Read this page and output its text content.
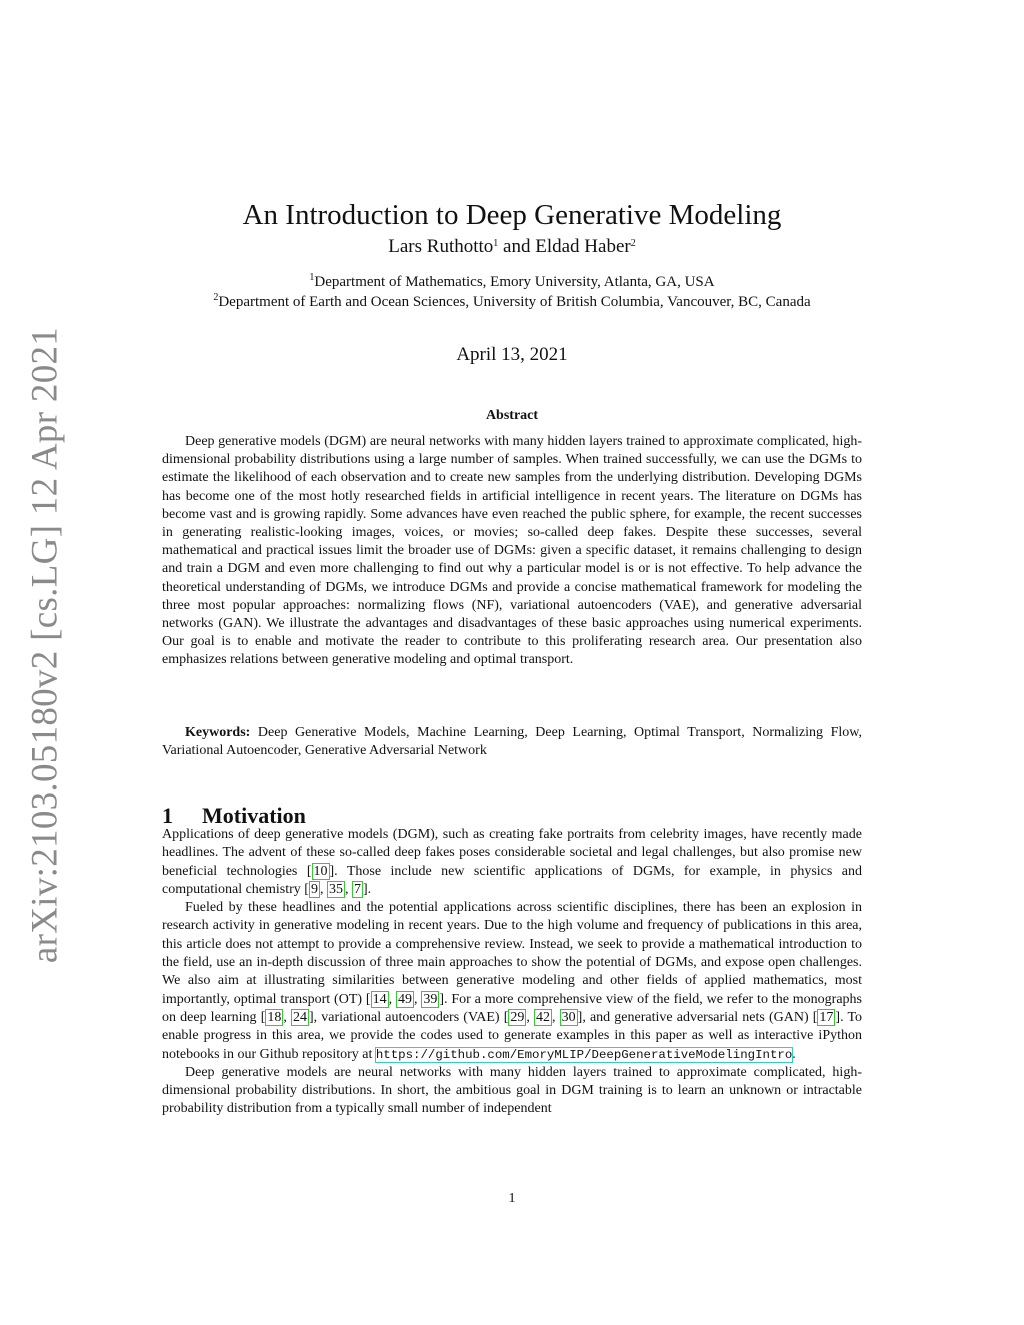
arXiv:2103.05180v2 [cs.LG] 12 Apr 2021
An Introduction to Deep Generative Modeling
Lars Ruthotto$^1$ and Eldad Haber$^2$
$^1$Department of Mathematics, Emory University, Atlanta, GA, USA
$^2$Department of Earth and Ocean Sciences, University of British Columbia, Vancouver, BC, Canada
April 13, 2021
Abstract
Deep generative models (DGM) are neural networks with many hidden layers trained to approximate complicated, high-dimensional probability distributions using a large number of samples. When trained successfully, we can use the DGMs to estimate the likelihood of each observation and to create new samples from the underlying distribution. Developing DGMs has become one of the most hotly researched fields in artificial intelligence in recent years. The literature on DGMs has become vast and is growing rapidly. Some advances have even reached the public sphere, for example, the recent successes in generating realistic-looking images, voices, or movies; so-called deep fakes. Despite these successes, several mathematical and practical issues limit the broader use of DGMs: given a specific dataset, it remains challenging to design and train a DGM and even more challenging to find out why a particular model is or is not effective. To help advance the theoretical understanding of DGMs, we introduce DGMs and provide a concise mathematical framework for modeling the three most popular approaches: normalizing flows (NF), variational autoencoders (VAE), and generative adversarial networks (GAN). We illustrate the advantages and disadvantages of these basic approaches using numerical experiments. Our goal is to enable and motivate the reader to contribute to this proliferating research area. Our presentation also emphasizes relations between generative modeling and optimal transport.
Keywords: Deep Generative Models, Machine Learning, Deep Learning, Optimal Transport, Normalizing Flow, Variational Autoencoder, Generative Adversarial Network
1 Motivation

Applications of deep generative models (DGM), such as creating fake portraits from celebrity images, have recently made headlines. The advent of these so-called deep fakes poses considerable societal and legal challenges, but also promise new beneficial technologies [ 10 ]. Those include new scientific applications of DGMs, for example, in physics and computational chemistry [ 9 , 35 , 7 ].

Fueled by these headlines and the potential applications across scientific disciplines, there has been an explosion in research activity in generative modeling in recent years. Due to the high volume and frequency of publications in this area, this article does not attempt to provide a comprehensive review. Instead, we seek to provide a mathematical introduction to the field, use an in-depth discussion of three main approaches to show the potential of DGMs, and expose open challenges. We also aim at illustrating similarities between generative modeling and other fields of applied mathematics, most importantly, optimal transport (OT) [ 14 , 49 , 39 ]. For a more comprehensive view of the field, we refer to the monographs on deep learning [ 18 , 24 ], variational autoencoders (VAE) [ 29 , 42 , 30 ], and generative adversarial nets (GAN) [ 17 ]. To enable progress in this area, we provide the codes used to generate examples in this paper as well as interactive iPython notebooks in our Github repository at https://github.com/EmoryMLIP/DeepGenerativeModelingIntro.

Deep generative models are neural networks with many hidden layers trained to approximate complicated, high-dimensional probability distributions. In short, the ambitious goal in DGM training is to learn an unknown or intractable probability distribution from a typically small number of independent

1
